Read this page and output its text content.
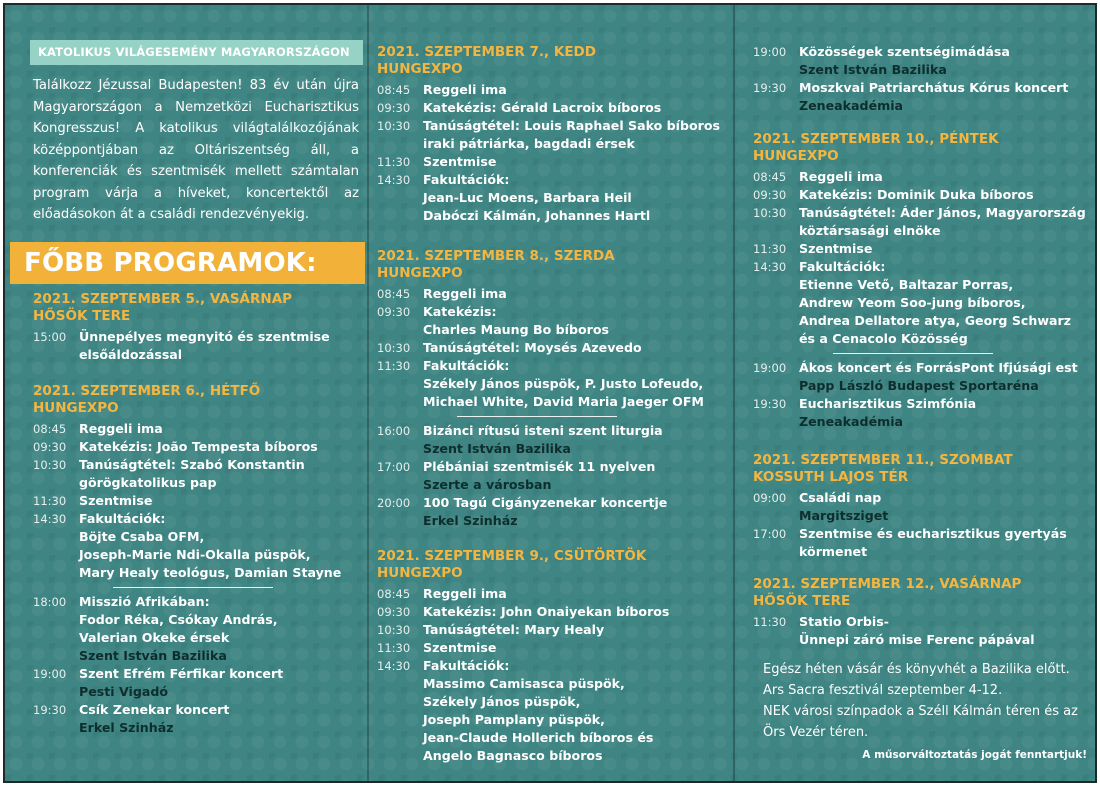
KATOLIKUS VILÁGESEMÉNY MAGYARORSZÁGON
Találkozz Jézussal Budapesten! 83 év után újra Magyarországon a Nemzetközi Eucharisztikus Kongresszus! A katolikus világtalálkozójának középpontjában az Oltáriszentség áll, a konferenciák és szentmisék mellett számtalan program várja a híveket, koncertektől az előadásokon át a családi rendezvényekig.
FŐBB PROGRAMOK:
2021. SZEPTEMBER 5., VASÁRNAP
HŐSÖK TERE
15:00 Ünnepélyes megnyitó és szentmise
elsőáldozással
2021. SZEPTEMBER 6., HÉTFŐ
HUNGEXPO
08:45 Reggeli ima
09:30 Katekézis: João Tempesta bíboros
10:30 Tanúságtétel: Szabó Konstantin
görögkatolikus pap
11:30 Szentmise
14:30 Fakultációk:
Böjte Csaba OFM,
Joseph-Marie Ndi-Okalla püspök,
Mary Healy teológus, Damian Stayne
18:00 Misszió Afrikában:
Fodor Réka, Csókay András,
Valerian Okeke érsek
Szent István Bazilika
19:00 Szent Efrém Férfikar koncert
Pesti Vigadó
19:30 Csík Zenekar koncert
Erkel Szinház
2021. SZEPTEMBER 7., KEDD
HUNGEXPO
08:45 Reggeli ima
09:30 Katekézis: Gérald Lacroix bíboros
10:30 Tanúságtétel: Louis Raphael Sako bíboros
iraki pátriárka, bagdadi érsek
11:30 Szentmise
14:30 Fakultációk:
Jean-Luc Moens, Barbara Heil
Dabóczi Kálmán, Johannes Hartl
2021. SZEPTEMBER 8., SZERDA
HUNGEXPO
08:45 Reggeli ima
09:30 Katekézis:
Charles Maung Bo bíboros
10:30 Tanúságtétel: Moysés Azevedo
11:30 Fakultációk:
Székely János püspök, P. Justo Lofeudo,
Michael White, David Maria Jaeger OFM
16:00 Bizánci rítusú isteni szent liturgia
Szent István Bazilika
17:00 Plébániai szentmisék 11 nyelven
Szerte a városban
20:00 100 Tagú Cigányzenekar koncertje
Erkel Szinház
2021. SZEPTEMBER 9., CSÜTÖRTÖK
HUNGEXPO
08:45 Reggeli ima
09:30 Katekézis: John Onaiyekan bíboros
10:30 Tanúságtétel: Mary Healy
11:30 Szentmise
14:30 Fakultációk:
Massimo Camisasca püspök,
Székely János püspök,
Joseph Pamplany püspök,
Jean-Claude Hollerich bíboros és
Angelo Bagnasco bíboros
19:00 Közösségek szentségimádása
Szent István Bazilika
19:30 Moszkvai Patriarchátus Kórus koncert
Zeneakadémia
2021. SZEPTEMBER 10., PÉNTEK
HUNGEXPO
08:45 Reggeli ima
09:30 Katekézis: Dominik Duka bíboros
10:30 Tanúságtétel: Áder János, Magyarország
köztársasági elnöke
11:30 Szentmise
14:30 Fakultációk:
Etienne Vető, Baltazar Porras,
Andrew Yeom Soo-jung bíboros,
Andrea Dellatore atya, Georg Schwarz
és a Cenacolo Közösség
19:00 Ákos koncert és ForrásPont Ifjúsági est
Papp László Budapest Sportaréna
19:30 Eucharisztikus Szimfónia
Zeneakadémia
2021. SZEPTEMBER 11., SZOMBAT
KOSSUTH LAJOS TÉR
09:00 Családi nap
Margitsziget
17:00 Szentmise és eucharisztikus gyertyás
körmenet
2021. SZEPTEMBER 12., VASÁRNAP
HŐSÖK TERE
11:30 Statio Orbis-
Ünnepi záró mise Ferenc pápával
Egész héten vásár és könyvhét a Bazilika előtt.
Ars Sacra fesztivál szeptember 4-12.
NEK városi színpadok a Széll Kálmán téren és az Örs Vezér téren.
A műsorváltoztatás jogát fenntartjuk!
